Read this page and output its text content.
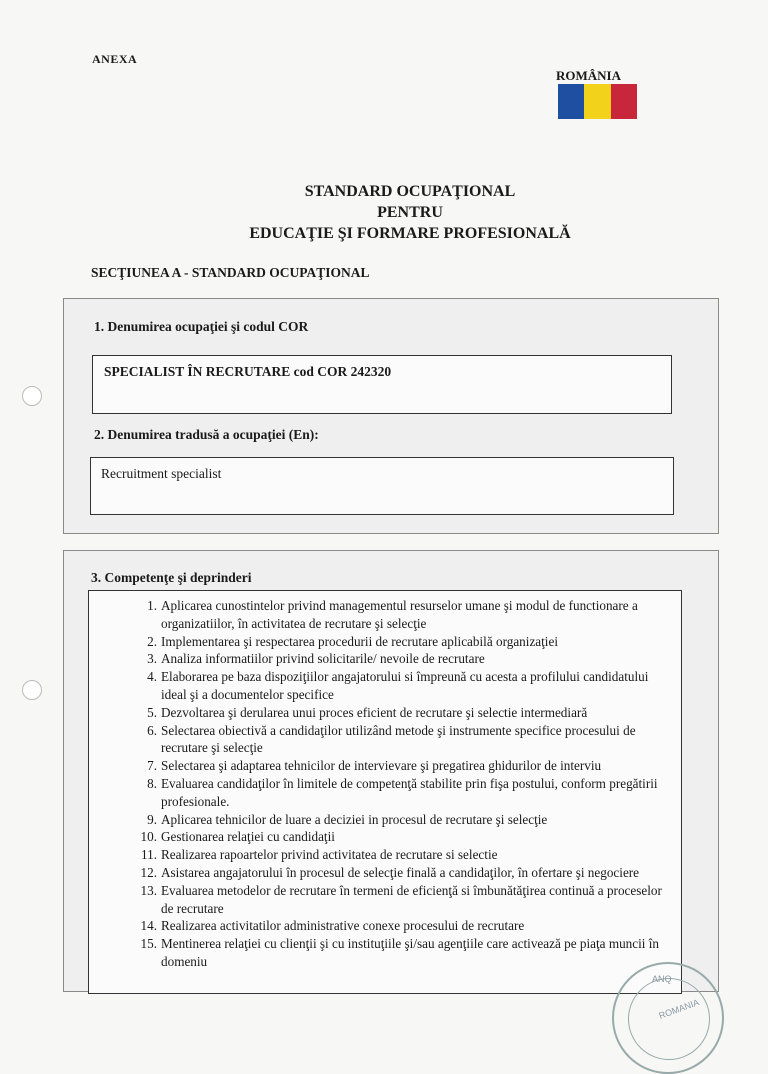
ANEXA
ROMÂNIA
STANDARD OCUPAŢIONAL
PENTRU
EDUCAŢIE ŞI FORMARE PROFESIONALĂ
SECŢIUNEA A - STANDARD OCUPAŢIONAL
1. Denumirea ocupaţiei şi codul COR
SPECIALIST ÎN RECRUTARE cod COR 242320
2. Denumirea tradusă a ocupaţiei (En):
Recruitment specialist
3. Competenţe şi deprinderi
1. Aplicarea cunostintelor privind managementul resurselor umane şi modul de functionare a organizatiilor, în activitatea de recrutare şi selecţie
2. Implementarea şi respectarea procedurii de recrutare aplicabilă organizaţiei
3. Analiza informatiilor privind solicitarile/ nevoile de recrutare
4. Elaborarea pe baza dispoziţiilor angajatorului si împreună cu acesta a profilului candidatului ideal şi a documentelor specifice
5. Dezvoltarea şi derularea unui proces eficient de recrutare şi selectie intermediară
6. Selectarea obiectivă a candidaţilor utilizând metode şi instrumente specifice procesului de recrutare şi selecţie
7. Selectarea şi adaptarea tehnicilor de intervievare şi pregatirea ghidurilor de interviu
8. Evaluarea candidaţilor în limitele de competenţă stabilite prin fişa postului, conform pregătirii profesionale.
9. Aplicarea tehnicilor de luare a deciziei in procesul de recrutare şi selecţie
10. Gestionarea relaţiei cu candidaţii
11. Realizarea rapoartelor privind activitatea de recrutare si selectie
12. Asistarea angajatorului în procesul de selecţie finală a candidaţilor, în ofertare şi negociere
13. Evaluarea metodelor de recrutare în termeni de eficienţă si îmbunătăţirea continuă a proceselor de recrutare
14. Realizarea activitatilor administrative conexe procesului de recrutare
15. Mentinerea relaţiei cu clienţii şi cu instituţiile şi/sau agenţiile care activează pe piaţa muncii în domeniu
ANQ
ROMANIA
